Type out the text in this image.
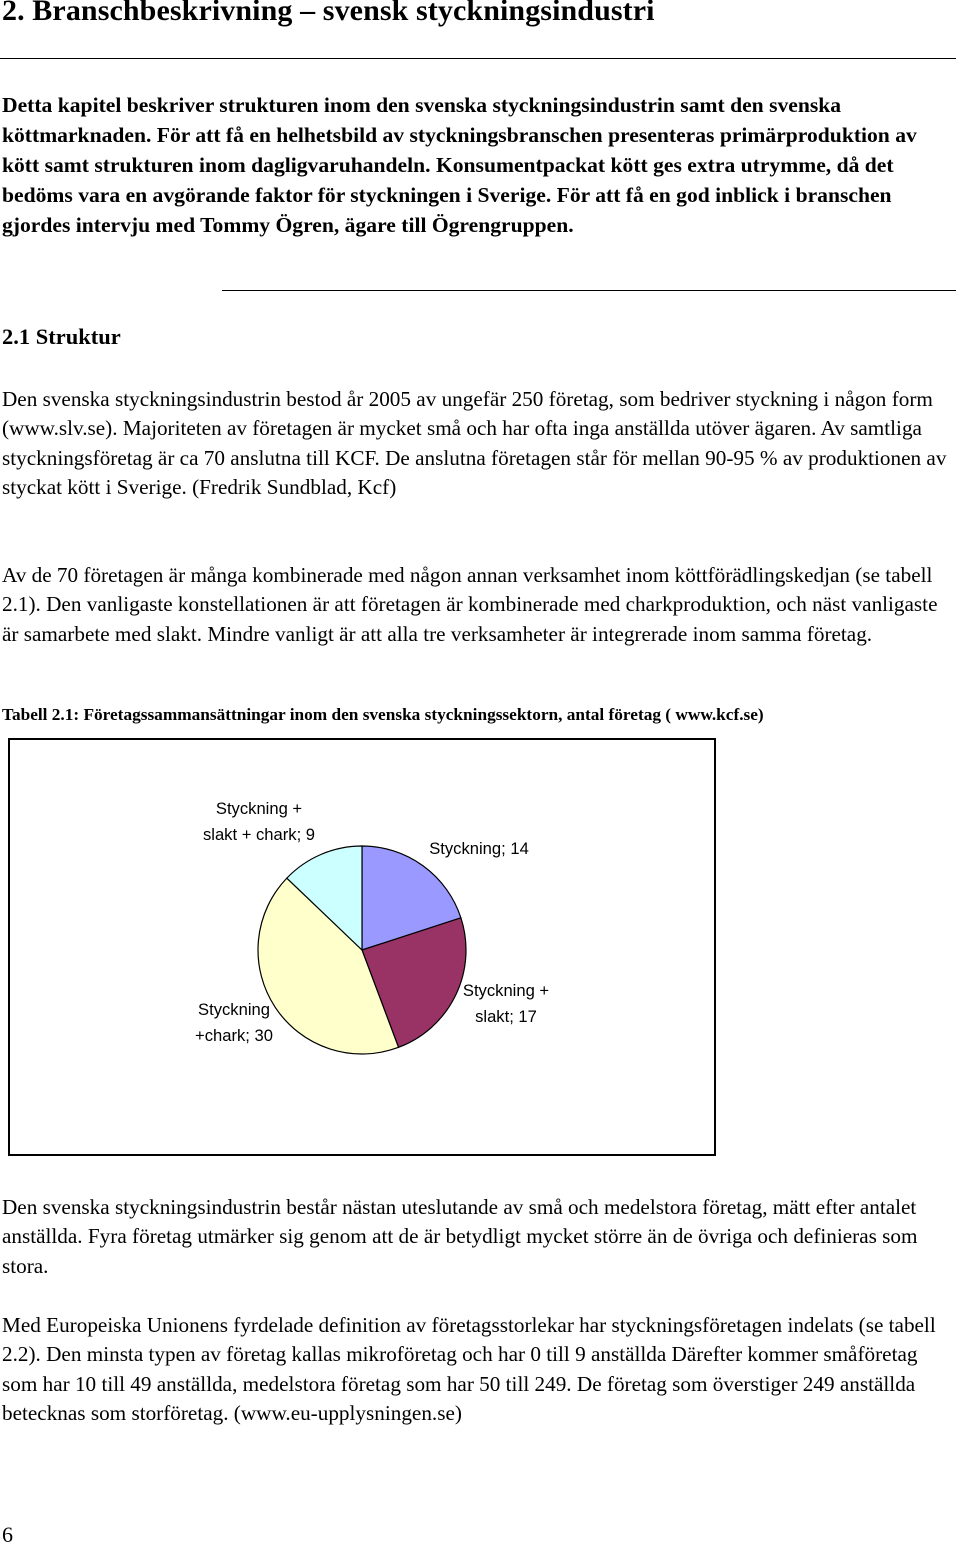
2. Branschbeskrivning – svensk styckningsindustri
Detta kapitel beskriver strukturen inom den svenska styckningsindustrin samt den svenska köttmarknaden. För att få en helhetsbild av styckningsbranschen presenteras primärproduktion av kött samt strukturen inom dagligvaruhandeln. Konsumentpackat kött ges extra utrymme, då det bedöms vara en avgörande faktor för styckningen i Sverige. För att få en god inblick i branschen gjordes intervju med Tommy Ögren, ägare till Ögrengruppen.
2.1 Struktur
Den svenska styckningsindustrin bestod år 2005 av ungefär 250 företag, som bedriver styckning i någon form (www.slv.se). Majoriteten av företagen är mycket små och har ofta inga anställda utöver ägaren. Av samtliga styckningsföretag är ca 70 anslutna till KCF. De anslutna företagen står för mellan 90-95 % av produktionen av styckat kött i Sverige. (Fredrik Sundblad, Kcf)
Av de 70 företagen är många kombinerade med någon annan verksamhet inom köttförädlingskedjan (se tabell 2.1). Den vanligaste konstellationen är att företagen är kombinerade med charkproduktion, och näst vanligaste är samarbete med slakt. Mindre vanligt är att alla tre verksamheter är integrerade inom samma företag.
Tabell 2.1: Företagssammansättningar inom den svenska styckningssektorn, antal företag ( www.kcf.se)
Styckning; 14
Styckning + slakt; 17
Styckning +chark; 30
Styckning + slakt + chark; 9
Den svenska styckningsindustrin består nästan uteslutande av små och medelstora företag, mätt efter antalet anställda. Fyra företag utmärker sig genom att de är betydligt mycket större än de övriga och definieras som stora.
Med Europeiska Unionens fyrdelade definition av företagsstorlekar har styckningsföretagen indelats (se tabell 2.2). Den minsta typen av företag kallas mikroföretag och har 0 till 9 anställda Därefter kommer småföretag som har 10 till 49 anställda, medelstora företag som har 50 till 249. De företag som överstiger 249 anställda betecknas som storföretag. (www.eu-upplysningen.se)
6
